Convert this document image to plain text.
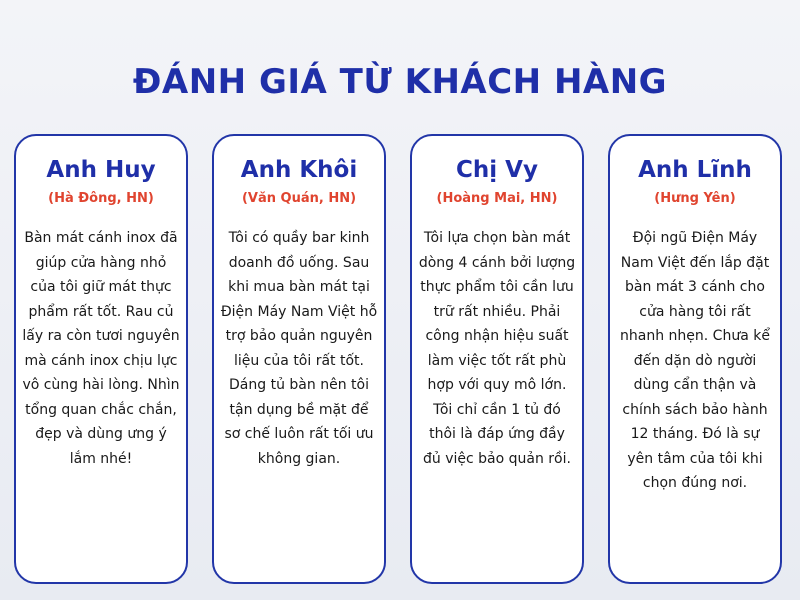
ĐÁNH GIÁ TỪ KHÁCH HÀNG
Anh Huy
(Hà Đông, HN)
Bàn mát cánh inox đã giúp cửa hàng nhỏ của tôi giữ mát thực phẩm rất tốt. Rau củ lấy ra còn tươi nguyên mà cánh inox chịu lực vô cùng hài lòng. Nhìn tổng quan chắc chắn, đẹp và dùng ưng ý lắm nhé!
Anh Khôi
(Văn Quán, HN)
Tôi có quầy bar kinh doanh đồ uống. Sau khi mua bàn mát tại Điện Máy Nam Việt hỗ trợ bảo quản nguyên liệu của tôi rất tốt. Dáng tủ bàn nên tôi tận dụng bề mặt để sơ chế luôn rất tối ưu không gian.
Chị Vy
(Hoàng Mai, HN)
Tôi lựa chọn bàn mát dòng 4 cánh bởi lượng thực phẩm tôi cần lưu trữ rất nhiều. Phải công nhận hiệu suất làm việc tốt rất phù hợp với quy mô lớn. Tôi chỉ cần 1 tủ đó thôi là đáp ứng đầy đủ việc bảo quản rồi.
Anh Lĩnh
(Hưng Yên)
Đội ngũ Điện Máy Nam Việt đến lắp đặt bàn mát 3 cánh cho cửa hàng tôi rất nhanh nhẹn. Chưa kể đến dặn dò người dùng cẩn thận và chính sách bảo hành 12 tháng. Đó là sự yên tâm của tôi khi chọn đúng nơi.
